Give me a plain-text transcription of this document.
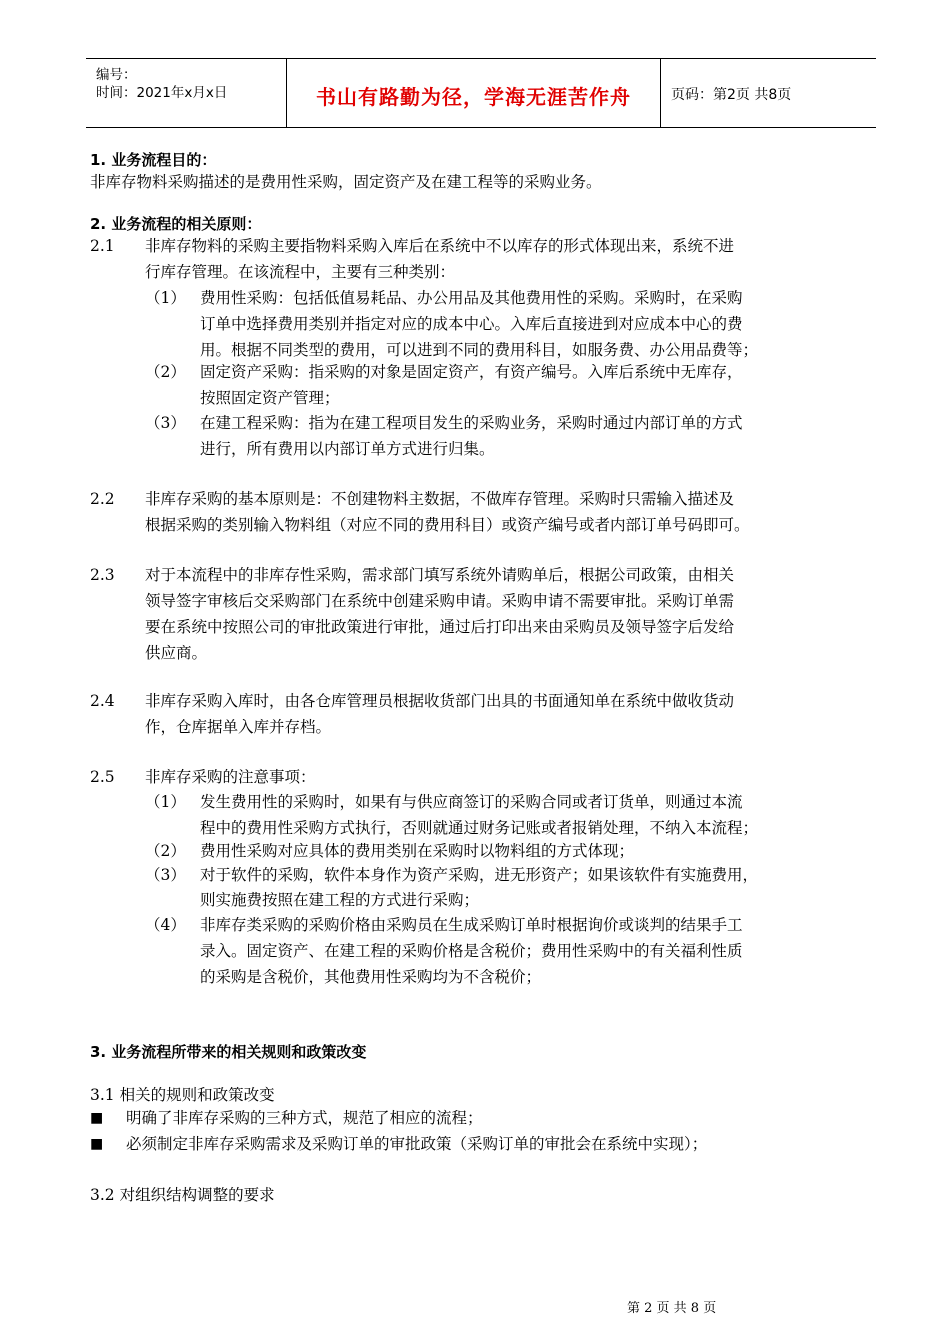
编号：
时间：2021年x月x日	书山有路勤为径，学海无涯苦作舟	页码：第2页 共8页
1. 业务流程目的：
非库存物料采购描述的是费用性采购，固定资产及在建工程等的采购业务。
2. 业务流程的相关原则：
2.1 非库存物料的采购主要指物料采购入库后在系统中不以库存的形式体现出来，系统不进
行库存管理。在该流程中，主要有三种类别：
（1） 费用性采购：包括低值易耗品、办公用品及其他费用性的采购。采购时，在采购
订单中选择费用类别并指定对应的成本中心。入库后直接进到对应成本中心的费
用。根据不同类型的费用，可以进到不同的费用科目，如服务费、办公用品费等；
（2） 固定资产采购：指采购的对象是固定资产，有资产编号。入库后系统中无库存，
按照固定资产管理；
（3） 在建工程采购：指为在建工程项目发生的采购业务，采购时通过内部订单的方式
进行，所有费用以内部订单方式进行归集。
2.2 非库存采购的基本原则是：不创建物料主数据，不做库存管理。采购时只需输入描述及
根据采购的类别输入物料组（对应不同的费用科目）或资产编号或者内部订单号码即可。
2.3 对于本流程中的非库存性采购，需求部门填写系统外请购单后，根据公司政策，由相关
领导签字审核后交采购部门在系统中创建采购申请。采购申请不需要审批。采购订单需
要在系统中按照公司的审批政策进行审批，通过后打印出来由采购员及领导签字后发给
供应商。
2.4 非库存采购入库时，由各仓库管理员根据收货部门出具的书面通知单在系统中做收货动
作，仓库据单入库并存档。
2.5 非库存采购的注意事项：
（1） 发生费用性的采购时，如果有与供应商签订的采购合同或者订货单，则通过本流
程中的费用性采购方式执行，否则就通过财务记账或者报销处理，不纳入本流程；
（2） 费用性采购对应具体的费用类别在采购时以物料组的方式体现；
（3） 对于软件的采购，软件本身作为资产采购，进无形资产；如果该软件有实施费用，
则实施费按照在建工程的方式进行采购；
（4） 非库存类采购的采购价格由采购员在生成采购订单时根据询价或谈判的结果手工
录入。固定资产、在建工程的采购价格是含税价；费用性采购中的有关福利性质
的采购是含税价，其他费用性采购均为不含税价；
3. 业务流程所带来的相关规则和政策改变
3.1 相关的规则和政策改变
■ 明确了非库存采购的三种方式，规范了相应的流程；
■ 必须制定非库存采购需求及采购订单的审批政策（采购订单的审批会在系统中实现）；
3.2 对组织结构调整的要求
第 2 页 共 8 页
